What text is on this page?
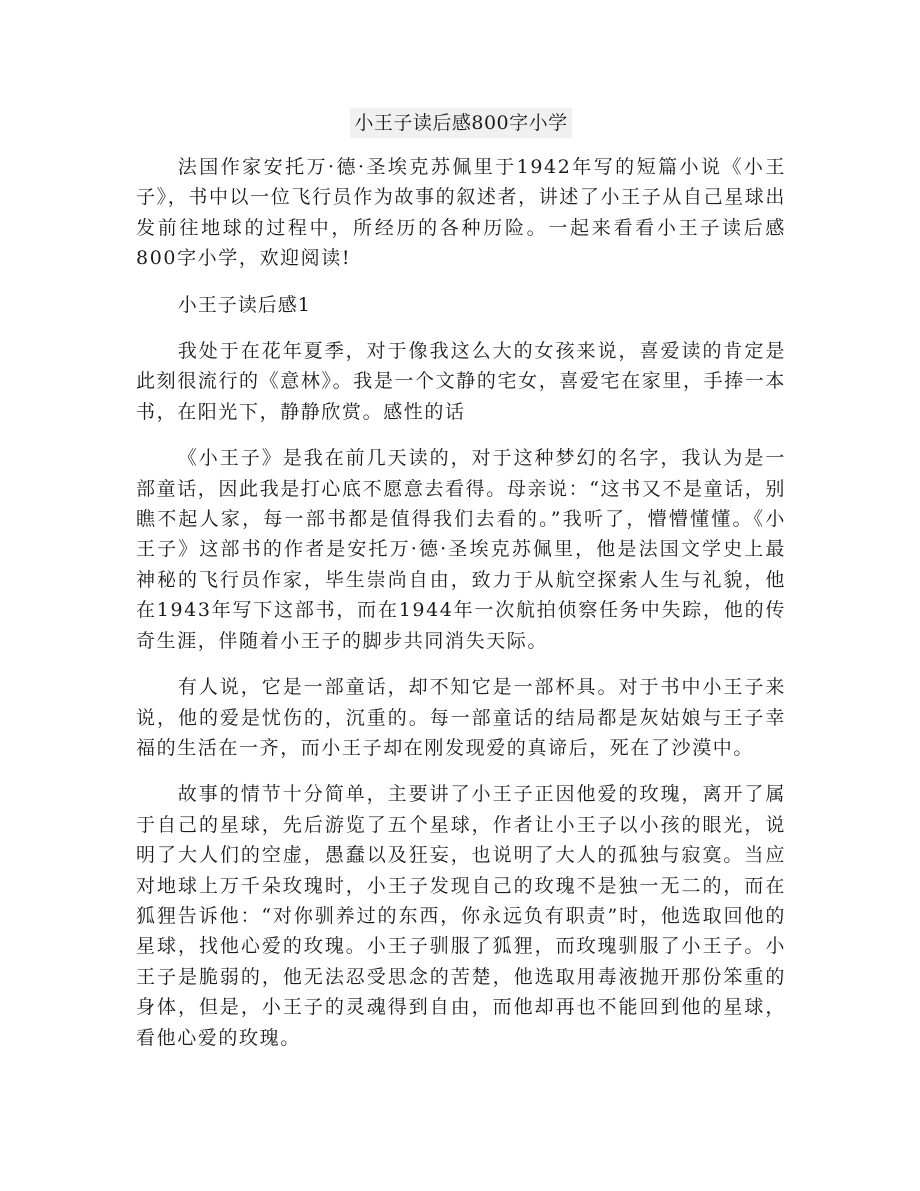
小王子读后感800字小学

法国作家安托万·德·圣埃克苏佩里于1942年写的短篇小说《小王子》，书中以一位飞行员作为故事的叙述者，讲述了小王子从自己星球出发前往地球的过程中，所经历的各种历险。一起来看看小王子读后感800字小学，欢迎阅读!

小王子读后感1

我处于在花年夏季，对于像我这么大的女孩来说，喜爱读的肯定是此刻很流行的《意林》。我是一个文静的宅女，喜爱宅在家里，手捧一本书，在阳光下，静静欣赏。感性的话

《小王子》是我在前几天读的，对于这种梦幻的名字，我认为是一部童话，因此我是打心底不愿意去看得。母亲说：“这书又不是童话，别瞧不起人家，每一部书都是值得我们去看的。”我听了，懵懵懂懂。《小王子》这部书的作者是安托万·德·圣埃克苏佩里，他是法国文学史上最神秘的飞行员作家，毕生崇尚自由，致力于从航空探索人生与礼貌，他在1943年写下这部书，而在1944年一次航拍侦察任务中失踪，他的传奇生涯，伴随着小王子的脚步共同消失天际。

有人说，它是一部童话，却不知它是一部杯具。对于书中小王子来说，他的爱是忧伤的，沉重的。每一部童话的结局都是灰姑娘与王子幸福的生活在一齐，而小王子却在刚发现爱的真谛后，死在了沙漠中。

故事的情节十分简单，主要讲了小王子正因他爱的玫瑰，离开了属于自己的星球，先后游览了五个星球，作者让小王子以小孩的眼光，说明了大人们的空虚，愚蠢以及狂妄，也说明了大人的孤独与寂寞。当应对地球上万千朵玫瑰时，小王子发现自己的玫瑰不是独一无二的，而在狐狸告诉他：“对你驯养过的东西，你永远负有职责”时，他选取回他的星球，找他心爱的玫瑰。小王子驯服了狐狸，而玫瑰驯服了小王子。小王子是脆弱的，他无法忍受思念的苦楚，他选取用毒液抛开那份笨重的身体，但是，小王子的灵魂得到自由，而他却再也不能回到他的星球，看他心爱的玫瑰。
